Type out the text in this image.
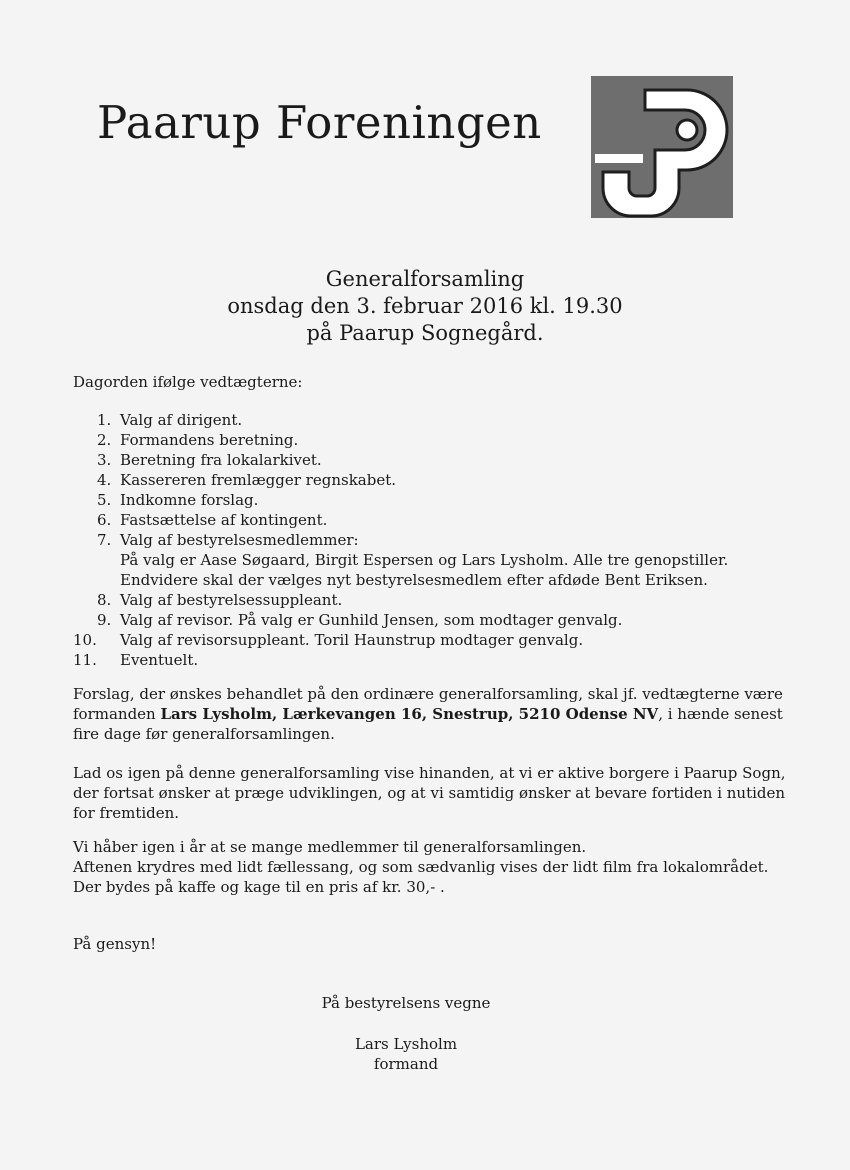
Paarup Foreningen
Generalforsamling
onsdag den 3. februar 2016 kl. 19.30
på Paarup Sognegård.
Dagorden ifølge vedtægterne:
1. Valg af dirigent.
2. Formandens beretning.
3. Beretning fra lokalarkivet.
4. Kassereren fremlægger regnskabet.
5. Indkomne forslag.
6. Fastsættelse af kontingent.
7. Valg af bestyrelsesmedlemmer:
På valg er Aase Søgaard, Birgit Espersen og Lars Lysholm. Alle tre genopstiller.
Endvidere skal der vælges nyt bestyrelsesmedlem efter afdøde Bent Eriksen.
8. Valg af bestyrelsessuppleant.
9. Valg af revisor. På valg er Gunhild Jensen, som modtager genvalg.
10. Valg af revisorsuppleant. Toril Haunstrup modtager genvalg.
11. Eventuelt.
Forslag, der ønskes behandlet på den ordinære generalforsamling, skal jf. vedtægterne være
formanden Lars Lysholm, Lærkevangen 16, Snestrup, 5210 Odense NV, i hænde senest
fire dage før generalforsamlingen.
Lad os igen på denne generalforsamling vise hinanden, at vi er aktive borgere i Paarup Sogn,
der fortsat ønsker at præge udviklingen, og at vi samtidig ønsker at bevare fortiden i nutiden
for fremtiden.
Vi håber igen i år at se mange medlemmer til generalforsamlingen.
Aftenen krydres med lidt fællessang, og som sædvanlig vises der lidt film fra lokalområdet.
Der bydes på kaffe og kage til en pris af kr. 30,- .
På gensyn!
På bestyrelsens vegne
Lars Lysholm
formand
